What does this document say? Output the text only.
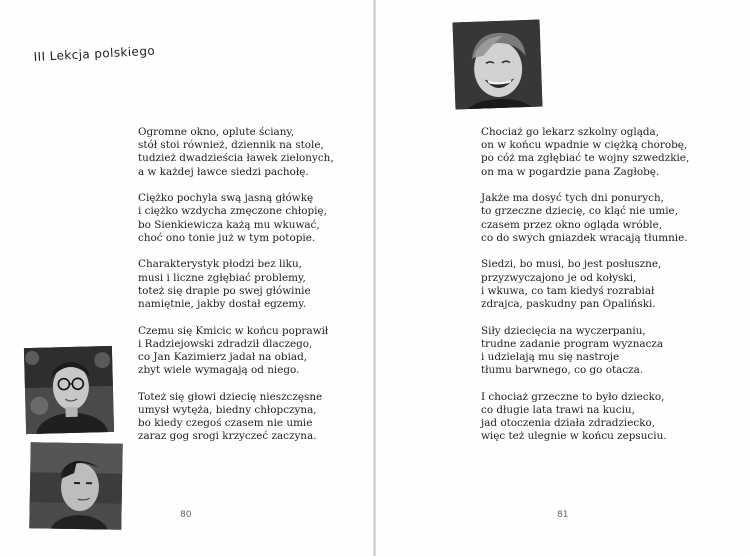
III Lekcja polskiego
Ogromne okno, oplute ściany,
stół stoi również, dziennik na stole,
tudzież dwadzieścia ławek zielonych,
a w każdej ławce siedzi pachołę.
Ciężko pochyla swą jasną główkę
i ciężko wzdycha zmęczone chłopię,
bo Sienkiewicza każą mu wkuwać,
choć ono tonie już w tym potopie.
Charakterystyk płodzi bez liku,
musi i liczne zgłębiać problemy,
toteż się drapie po swej główinie
namiętnie, jakby dostał egzemy.
Czemu się Kmicic w końcu poprawił
i Radziejowski zdradził dlaczego,
co Jan Kazimierz jadał na obiad,
zbyt wiele wymagają od niego.
Toteż się głowi dziecię nieszczęsne
umysł wytęża, biedny chłopczyna,
bo kiedy czegoś czasem nie umie
zaraz gog srogi krzyczeć zaczyna.
Chociaż go lekarz szkolny ogląda,
on w końcu wpadnie w ciężką chorobę,
po cóż ma zgłębiać te wojny szwedzkie,
on ma w pogardzie pana Zagłobę.
Jakże ma dosyć tych dni ponurych,
to grzeczne dziecię, co kląć nie umie,
czasem przez okno ogląda wróble,
co do swych gniazdek wracają tłumnie.
Siedzi, bo musi, bo jest posłuszne,
przyzwyczajono je od kołyski,
i wkuwa, co tam kiedyś rozrabiał
zdrajca, paskudny pan Opaliński.
Siły dziecięcia na wyczerpaniu,
trudne zadanie program wyznacza
i udzielają mu się nastroje
tłumu barwnego, co go otacza.
I chociaż grzeczne to było dziecko,
co długie lata trawi na kuciu,
jad otoczenia działa zdradziecko,
więc też ulegnie w końcu zepsuciu.
80	81
